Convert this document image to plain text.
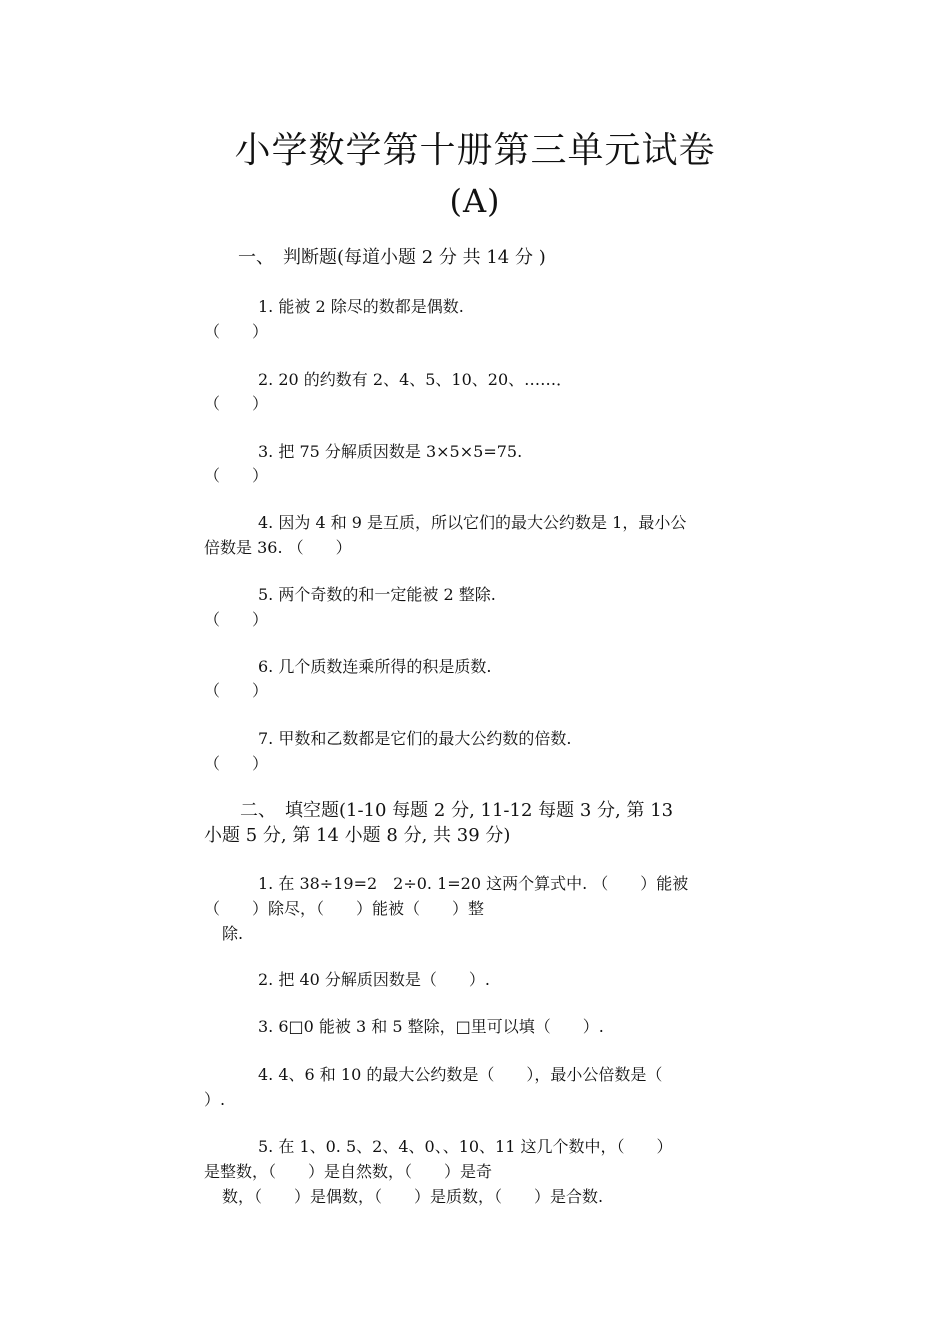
小学数学第十册第三单元试卷
(A)
一、　判断题(每道小题 2 分 共 14 分 )
1. 能被 2 除尽的数都是偶数.
（　　）
2. 20 的约数有 2、4、5、10、20、……．
（　　）
3. 把 75 分解质因数是 3×5×5=75.
（　　）
4. 因为 4 和 9 是互质，所以它们的最大公约数是 1，最小公
倍数是 36. （　　）
5. 两个奇数的和一定能被 2 整除.
（　　）
6. 几个质数连乘所得的积是质数.
（　　）
7. 甲数和乙数都是它们的最大公约数的倍数.
（　　）
二、　填空题(1-10 每题 2 分, 11-12 每题 3 分, 第 13
小题 5 分, 第 14 小题 8 分, 共 39 分)
1. 在 38÷19=2　2÷0. 1=20 这两个算式中. （　　）能被
（　　）除尽，（　　）能被（　　）整
除.
2. 把 40 分解质因数是（　　）.
3. 6□0 能被 3 和 5 整除，□里可以填（　　）.
4. 4、6 和 10 的最大公约数是（　　），最小公倍数是（
）.
5. 在 1、0. 5、2、4、0、、10、11 这几个数中，（　　）
是整数，（　　）是自然数，（　　）是奇
数，（　　）是偶数，（　　）是质数，（　　）是合数.
